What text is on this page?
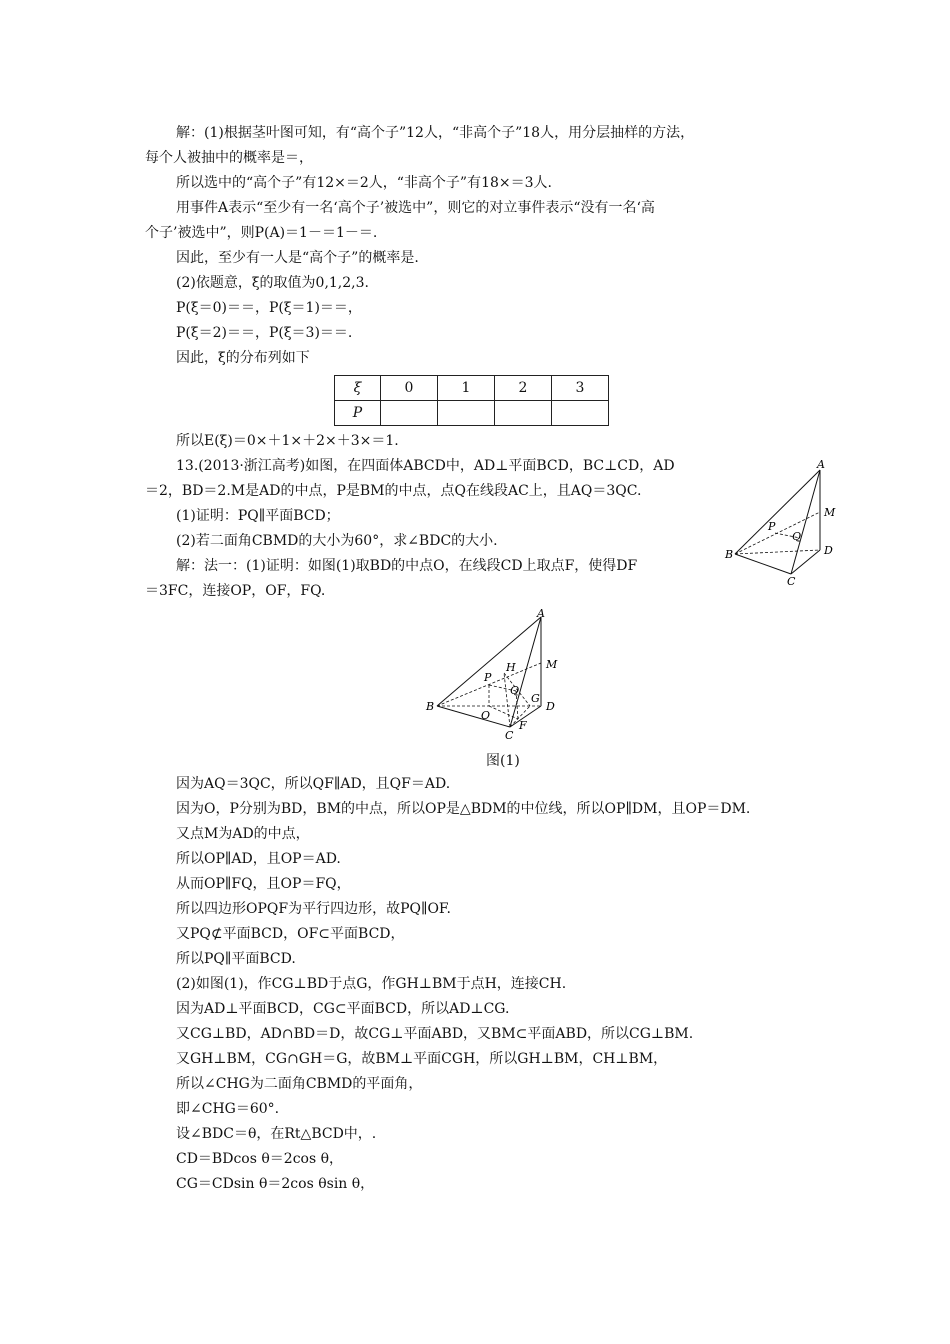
解：(1)根据茎叶图可知，有“高个子”12人，“非高个子”18人，用分层抽样的方法，
每个人被抽中的概率是＝，
所以选中的“高个子”有12×＝2人，“非高个子”有18×＝3人.
用事件A表示“至少有一名‘高个子’被选中”，则它的对立事件表示“没有一名‘高
个子’被选中”，则P(A)＝1－＝1－＝.
因此，至少有一人是“高个子”的概率是.
(2)依题意，ξ的取值为0,1,2,3.
P(ξ＝0)＝＝，P(ξ＝1)＝＝，
P(ξ＝2)＝＝，P(ξ＝3)＝＝.
因此，ξ的分布列如下
ξ	0	1	2	3
P				
所以E(ξ)＝0×＋1×＋2×＋3×＝1.
13.(2013·浙江高考)如图，在四面体ABCD中，AD⊥平面BCD，BC⊥CD，AD
＝2，BD＝2.M是AD的中点，P是BM的中点，点Q在线段AC上，且AQ＝3QC.
(1)证明：PQ∥平面BCD；
(2)若二面角CBMD的大小为60°，求∠BDC的大小.
解：法一：(1)证明：如图(1)取BD的中点O，在线段CD上取点F，使得DF
＝3FC，连接OP，OF，FQ.
因为AQ＝3QC，所以QF∥AD，且QF＝AD.
因为O，P分别为BD，BM的中点，所以OP是△BDM的中位线，所以OP∥DM，且OP＝DM.
又点M为AD的中点，
所以OP∥AD，且OP＝AD.
从而OP∥FQ，且OP＝FQ，
所以四边形OPQF为平行四边形，故PQ∥OF.
又PQ⊄平面BCD，OF⊂平面BCD，
所以PQ∥平面BCD.
(2)如图(1)，作CG⊥BD于点G，作GH⊥BM于点H，连接CH.
因为AD⊥平面BCD，CG⊂平面BCD，所以AD⊥CG.
又CG⊥BD，AD∩BD＝D，故CG⊥平面ABD，又BM⊂平面ABD，所以CG⊥BM.
又GH⊥BM，CG∩GH＝G，故BM⊥平面CGH，所以GH⊥BM，CH⊥BM，
所以∠CHG为二面角CBMD的平面角，
即∠CHG＝60°.
设∠BDC＝θ，在Rt△BCD中，.
CD＝BDcos θ＝2cos θ，
CG＝CDsin θ＝2cos θsin θ，
A
B
C
D
M
P
Q
A
B
C
D
M
P
Q
H
O
G
F
图(1)
